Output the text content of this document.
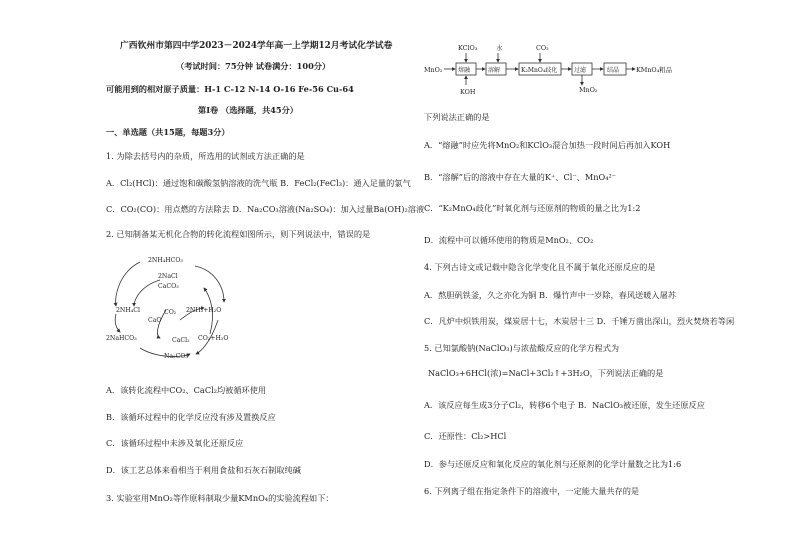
广西钦州市第四中学2023－2024学年高一上学期12月考试化学试卷
（考试时间：75分钟 试卷满分：100分）
可能用到的相对原子质量：H-1 C-12 N-14 O-16 Fe-56 Cu-64
第I卷 （选择题，共45分）
一、单选题（共15题，每题3分）
1. 为除去括号内的杂质，所选用的试剂或方法正确的是
A．Cl₂(HCl)：通过饱和碳酸氢钠溶液的洗气瓶 B．FeCl₂(FeCl₃)：通入足量的氯气
C．CO₂(CO)：用点燃的方法除去 D．Na₂CO₃溶液(Na₂SO₄)：加入过量Ba(OH)₂溶液
2. 已知制备某无机化合物的转化流程如图所示，则下列说法中，错误的是
2NH₄HCO₃
2NaCl
CaCO₃
2NH₄Cl
CaO
CO₂ 2NH₃+H₂O
2NaHCO₃	CaCl₂ CO₂+H₂O
Na₂CO₃
A．该转化流程中CO₂、CaCl₂均被循环使用
B．该循环过程中的化学反应没有涉及置换反应
C．该循环过程中未涉及氧化还原反应
D．该工艺总体来看相当于利用食盐和石灰石制取纯碱
3. 实验室用MnO₂等作原料制取少量KMnO₄的实验流程如下：
KClO₃	水	CO₂
MnO₂
KOH	MnO₂
KMnO₄粗品
熔融	溶解	K₂MnO₄歧化	过滤	结晶
下列说法正确的是
A．“熔融”时应先将MnO₂和KClO₃混合加热一段时间后再加入KOH
B．“溶解”后的溶液中存在大量的K⁺、Cl⁻、MnO₄²⁻
C．“K₂MnO₄歧化”时氧化剂与还原剂的物质的量之比为1:2
D．流程中可以循环使用的物质是MnO₂、CO₂
4. 下列古诗文或记载中隐含化学变化且不属于氧化还原反应的是
A．熬胆矾铁釜，久之亦化为铜 B．爆竹声中一岁除，春风送暖入屠苏
C．凡炉中炽铁用炭，煤炭居十七，木炭居十三 D．千锤万凿出深山，烈火焚烧若等闲
5. 已知氯酸钠(NaClO₃)与浓盐酸反应的化学方程式为
NaClO₃+6HCl(浓)=NaCl+3Cl₂↑+3H₂O，下列说法正确的是
A．该反应每生成3分子Cl₂，转移6个电子 B．NaClO₃被还原，发生还原反应
C．还原性：Cl₂>HCl
D．参与还原反应和氧化反应的氧化剂与还原剂的化学计量数之比为1:6
6. 下列离子组在指定条件下的溶液中，一定能大量共存的是
